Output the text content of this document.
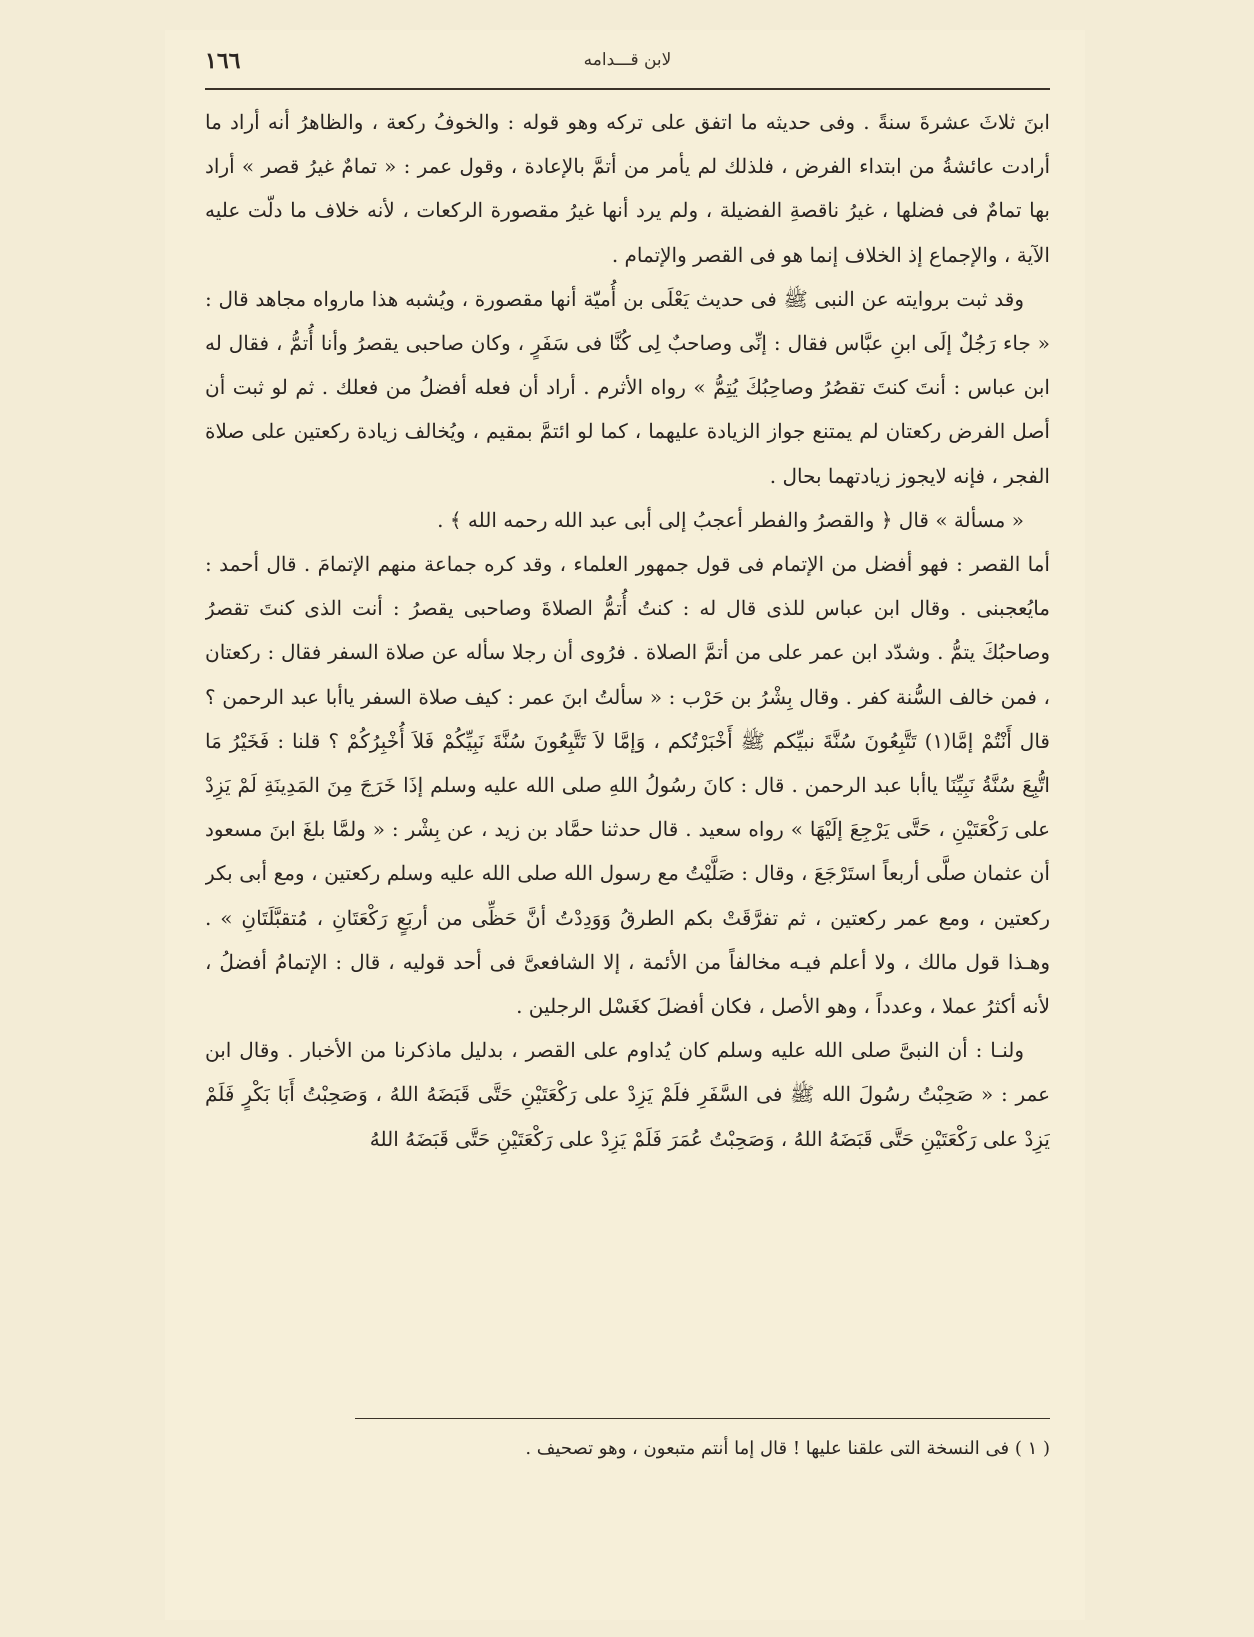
لابن قـــدامه
١٦٦

ابنَ ثلاثَ عشرةَ سنةً . وفى حديثه ما اتفق على تركه وهو قوله : والخوفُ ركعة ، والظاهرُ أنه أراد ما أرادت عائشةُ من ابتداء الفرض ، فلذلك لم يأمر من أتمَّ بالإعادة ، وقول عمر : « تمامٌ غيرُ قصر » أراد بها تمامٌ فى فضلها ، غيرُ ناقصةِ الفضيلة ، ولم يرد أنها غيرُ مقصورة الركعات ، لأنه خلاف ما دلّت عليه الآية ، والإجماع إذ الخلاف إنما هو فى القصر والإتمام .

وقد ثبت بروايته عن النبى ﷺ فى حديث يَعْلَى بن أُميّة أنها مقصورة ، ويُشبه هذا مارواه مجاهد قال : « جاء رَجُلٌ إلَى ابنِ عبَّاس فقال : إنِّى وصاحبٌ لِى كُنَّا فى سَفَرٍ ، وكان صاحبى يقصرُ وأنا أُتمُّ ، فقال له ابن عباس : أنتَ كنتَ تقصُرُ وصاحِبُكَ يُتِمُّ » رواه الأثرم . أراد أن فعله أفضلُ من فعلك . ثم لو ثبت أن أصل الفرض ركعتان لم يمتنع جواز الزيادة عليهما ، كما لو ائتمَّ بمقيم ، ويُخالف زيادة ركعتين على صلاة الفجر ، فإنه لايجوز زيادتهما بحال .

« مسألة » قال ﴿ والقصرُ والفطر أعجبُ إلى أبى عبد الله رحمه الله ﴾ .

أما القصر : فهو أفضل من الإتمام فى قول جمهور العلماء ، وقد كره جماعة منهم الإتمامَ . قال أحمد : مايُعجبنى . وقال ابن عباس للذى قال له : كنتُ أُتمُّ الصلاةَ وصاحبى يقصرُ : أنت الذى كنتَ تقصرُ وصاحبُكَ يتمُّ . وشدّد ابن عمر على من أتمَّ الصلاة . فرُوى أن رجلا سأله عن صلاة السفر فقال : ركعتان ، فمن خالف السُّنة كفر . وقال بِشْرُ بن حَرْب : « سألتُ ابنَ عمر : كيف صلاة السفر ياأبا عبد الرحمن ؟ قال أَنْتُمْ إمَّا(١) تَتَّبِعُونَ سُنَّةَ نبيِّكم ﷺ أَخْبَرْتُكم ، وَإمَّا لاَ تَتَّبِعُونَ سُنَّةَ نَبِيِّكُمْ فَلاَ أُخْبِرُكُمْ ؟ قلنا : فَخَيْرُ مَا اتُّبِعَ سُنَّةُ نَبِيِّنَا ياأبا عبد الرحمن . قال : كانَ رسُولُ اللهِ صلى الله عليه وسلم إذَا خَرَجَ مِنَ المَدِينَةِ لَمْ يَزِدْ على رَكْعَتَيْنِ ، حَتَّى يَرْجِعَ إلَيْهَا » رواه سعيد . قال حدثنا حمَّاد بن زيد ، عن بِشْر : « ولمَّا بلغَ ابنَ مسعود أن عثمان صلَّى أربعاً استَرْجَعَ ، وقال : صَلَّيْتُ مع رسول الله صلى الله عليه وسلم ركعتين ، ومع أبى بكر ركعتين ، ومع عمر ركعتين ، ثم تفرَّقَتْ بكم الطرقُ وَوَدِدْتُ أنَّ حَظِّى من أربَعٍ رَكْعَتَانِ ، مُتقبَّلَتَانِ » . وهـذا قول مالك ، ولا أعلم فيـه مخالفاً من الأئمة ، إلا الشافعىَّ فى أحد قوليه ، قال : الإتمامُ أفضلُ ، لأنه أكثرُ عملا ، وعدداً ، وهو الأصل ، فكان أفضلَ كغَسْل الرجلين .

ولنـا : أن النبىَّ صلى الله عليه وسلم كان يُداوم على القصر ، بدليل ماذكرنا من الأخبار . وقال ابن عمر : « صَحِبْتُ رسُولَ الله ﷺ فى السَّفَرِ فلَمْ يَزِدْ على رَكْعَتَيْنِ حَتَّى قَبَضَهُ اللهُ ، وَصَحِبْتُ أَبَا بَكْرٍ فَلَمْ يَزِدْ على رَكْعَتَيْنِ حَتَّى قَبَضَهُ اللهُ ، وَصَحِبْتُ عُمَرَ فَلَمْ يَزِدْ على رَكْعَتَيْنِ حَتَّى قَبَضَهُ اللهُ

( ١ ) فى النسخة التى علقنا عليها ! قال إما أنتم متبعون ، وهو تصحيف .
